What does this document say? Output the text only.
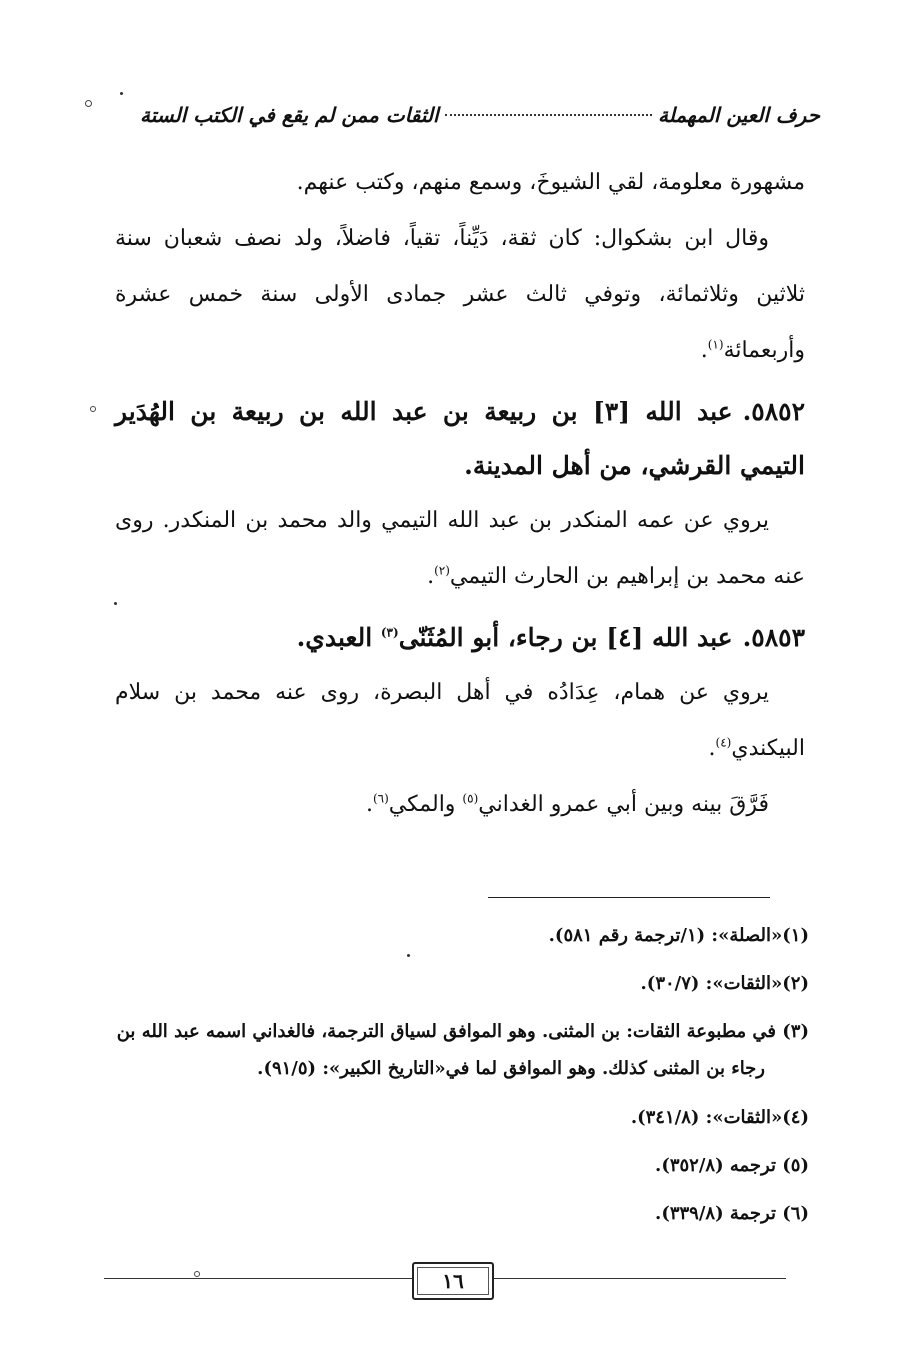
حرف العين المهملة
الثقات ممن لم يقع في الكتب الستة

مشهورة معلومة، لقي الشيوخَ، وسمع منهم، وكتب عنهم.

وقال ابن بشكوال: كان ثقة، دَيِّناً، تقياً، فاضلاً، ولد نصف شعبان سنة ثلاثين وثلاثمائة، وتوفي ثالث عشر جمادى الأولى سنة خمس عشرة وأربعمائة$^{(١)}$.

٥٨٥٢.عبد الله [٣] بن ربيعة بن عبد الله بن ربيعة بن الهُدَير التيمي القرشي، من أهل المدينة.

يروي عن عمه المنكدر بن عبد الله التيمي والد محمد بن المنكدر. روى عنه محمد بن إبراهيم بن الحارث التيمي$^{(٢)}$.

٥٨٥٣.عبد الله [٤] بن رجاء، أبو المُثَنّى$^{(٣)}$ العبدي.

يروي عن همام، عِدَادُه في أهل البصرة، روى عنه محمد بن سلام البيكندي$^{(٤)}$.

فَرَّقَ بينه وبين أبي عمرو الغداني$^{(٥)}$ والمكي$^{(٦)}$.

(١)«الصلة»: (١/ترجمة رقم ٥٨١).

(٢)«الثقات»: (٣٠/٧).

(٣) في مطبوعة الثقات: بن المثنى. وهو الموافق لسياق الترجمة، فالغداني اسمه عبد الله بن

رجاء بن المثنى كذلك. وهو الموافق لما في«التاريخ الكبير»: (٩١/٥).

(٤)«الثقات»: (٣٤١/٨).

(٥) ترجمه (٣٥٢/٨).

(٦) ترجمة (٣٣٩/٨).

١٦
